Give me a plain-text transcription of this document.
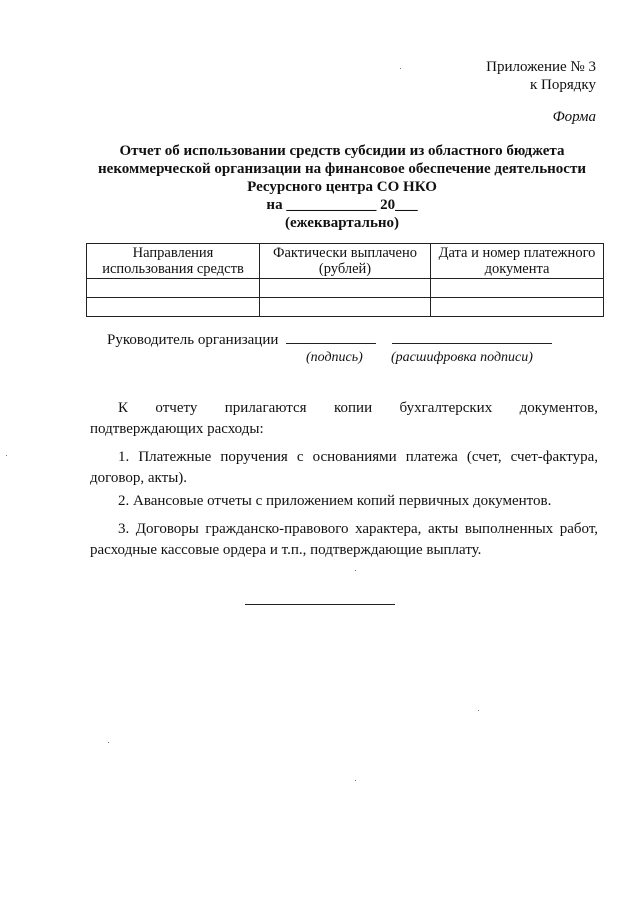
Приложение № 3
к Порядку
Форма
Отчет об использовании средств субсидии из областного бюджета
некоммерческой организации на финансовое обеспечение деятельности
Ресурсного центра СО НКО
на ____________ 20___
(ежеквартально)
Направления использования средств	Фактически выплачено (рублей)	Дата и номер платежного документа

Руководитель организации
(подпись) (расшифровка подписи)
К отчету прилагаются копии бухгалтерских документов,
подтверждающих расходы:
1. Платежные поручения с основаниями платежа (счет, счет-фактура,
договор, акты).
2. Авансовые отчеты с приложением копий первичных документов.
3. Договоры гражданско-правового характера, акты выполненных работ,
расходные кассовые ордера и т.п., подтверждающие выплату.
